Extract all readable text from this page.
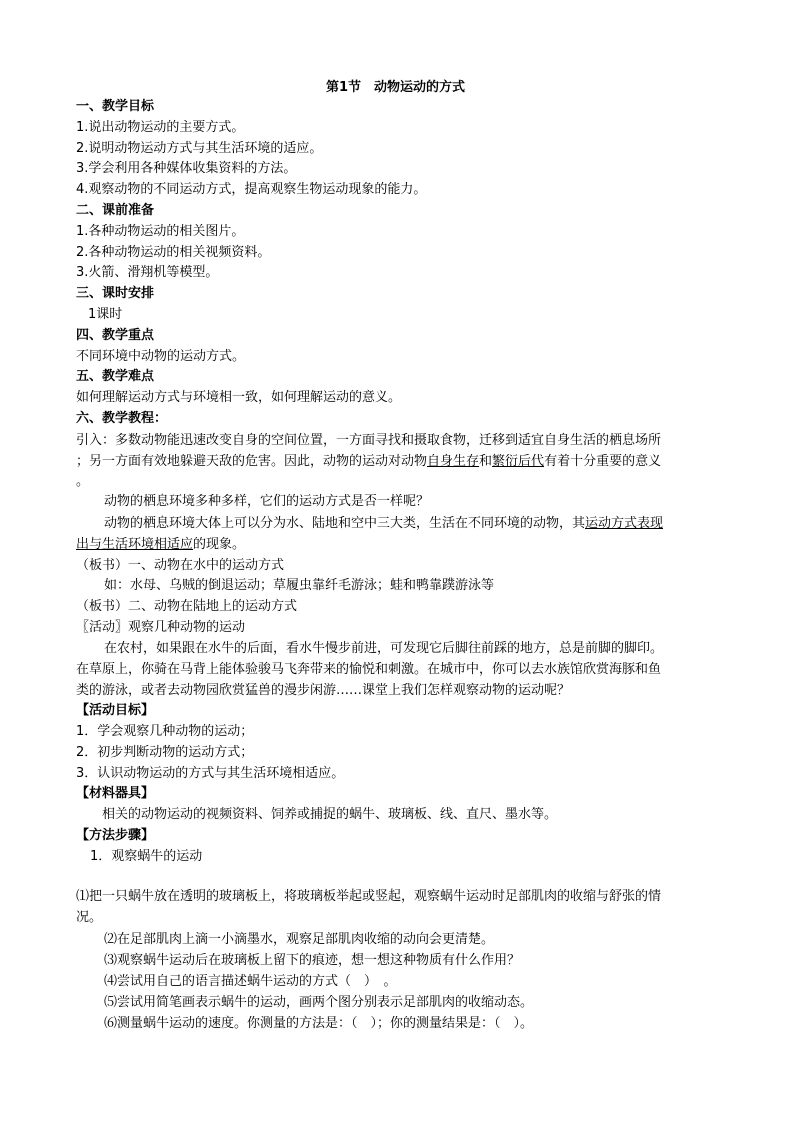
第1节　动物运动的方式
一、教学目标
1.说出动物运动的主要方式。
2.说明动物运动方式与其生活环境的适应。
3.学会利用各种媒体收集资料的方法。
4.观察动物的不同运动方式，提高观察生物运动现象的能力。
二、课前准备
1.各种动物运动的相关图片。
2.各种动物运动的相关视频资料。
3.火箭、滑翔机等模型。
三、课时安排
1课时
四、教学重点
不同环境中动物的运动方式。
五、教学难点
如何理解运动方式与环境相一致，如何理解运动的意义。
六、教学教程：
引入：多数动物能迅速改变自身的空间位置，一方面寻找和摄取食物，迁移到适宜自身生活的栖息场所
；另一方面有效地躲避天敌的危害。因此，动物的运动对动物自身生存和繁衍后代有着十分重要的意义
。
动物的栖息环境多种多样，它们的运动方式是否一样呢？
动物的栖息环境大体上可以分为水、陆地和空中三大类，生活在不同环境的动物，其运动方式表现
出与生活环境相适应的现象。
（板书）一、动物在水中的运动方式
如：水母、乌贼的倒退运动；草履虫靠纤毛游泳；蛙和鸭靠蹼游泳等
（板书）二、动物在陆地上的运动方式
〖活动〗观察几种动物的运动
在农村，如果跟在水牛的后面，看水牛慢步前进，可发现它后脚往前踩的地方，总是前脚的脚印。
在草原上，你骑在马背上能体验骏马飞奔带来的愉悦和刺激。在城市中，你可以去水族馆欣赏海豚和鱼
类的游泳，或者去动物园欣赏猛兽的漫步闲游……课堂上我们怎样观察动物的运动呢？
【活动目标】
1．学会观察几种动物的运动；
2．初步判断动物的运动方式；
3．认识动物运动的方式与其生活环境相适应。
【材料器具】
相关的动物运动的视频资料、饲养或捕捉的蜗牛、玻璃板、线、直尺、墨水等。
【方法步骤】
1．观察蜗牛的运动
⑴把一只蜗牛放在透明的玻璃板上，将玻璃板举起或竖起，观察蜗牛运动时足部肌肉的收缩与舒张的情
况。
⑵在足部肌肉上滴一小滴墨水，观察足部肌肉收缩的动向会更清楚。
⑶观察蜗牛运动后在玻璃板上留下的痕迹，想一想这种物质有什么作用？
⑷尝试用自己的语言描述蜗牛运动的方式（　）　。
⑸尝试用简笔画表示蜗牛的运动，画两个图分别表示足部肌肉的收缩动态。
⑹测量蜗牛运动的速度。你测量的方法是：（　）；你的测量结果是：（　）。
